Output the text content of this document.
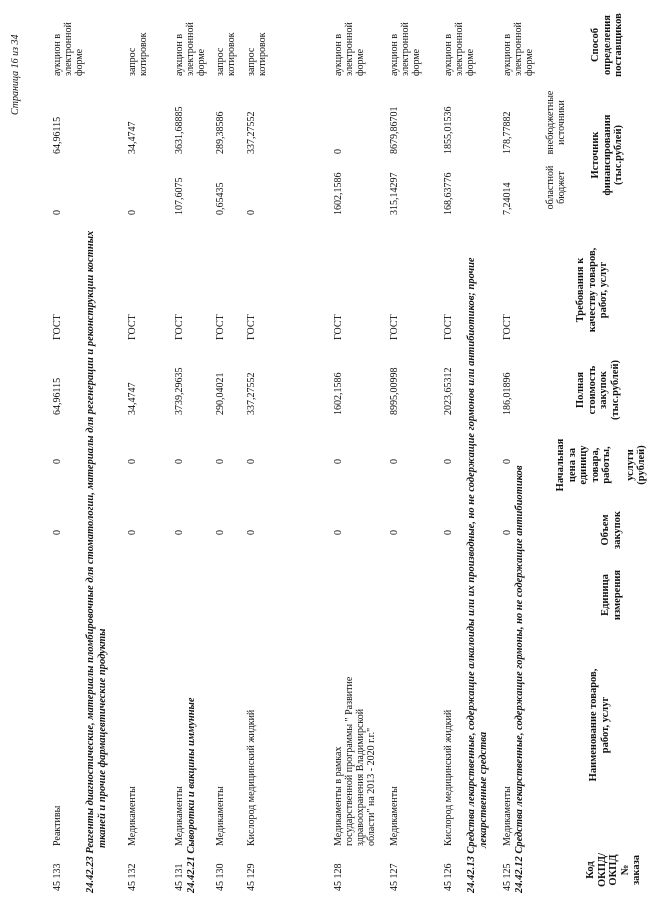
Код ОКПД/ ОКПД № заказа
Наименование товаров, работ, услуг
Единица измерения
Объем закупок
Начальная цена за единицу товара, работы, услуги (рублей)
Полная стоимость закупок (тыс.рублей)
Требования к качеству товаров, работ, услуг
Источник финансирования (тыс.рублей)
областной бюджет
внебюджетные источники
Способ определения поставщиков
24.42.12 Средства лекарственные, содержащие гормоны, но не содержащие антибиотиков
45 125
Медикаменты
0
0
186,01896
ГОСТ
7,24014
178,77882
аукцион в электронной форме
24.42.13 Средства лекарственные, содержащие алкалоиды или их производные, но не содержащие гормонов или антибиотиков; прочие лекарственные средства
45 126
Кислород медицинский жидкий
0
0
2023,65312
ГОСТ
168,63776
1855,01536
аукцион в электронной форме
45 127
Медикаменты
0
0
8995,00998
ГОСТ
315,14297
8679,86701
аукцион в электронной форме
45 128
Медикаменты в рамках государственной программы " Развитие здравоохранения Владимирской области" на 2013 - 2020 г.г."
0
0
1602,1586
ГОСТ
1602,1586
0
аукцион в электронной форме
45 129
Кислород медицинский жидкий
0
0
337,27552
ГОСТ
0
337,27552
запрос котировок
45 130
Медикаменты
0
0
290,04021
ГОСТ
0,65435
289,38586
запрос котировок
24.42.21 Сыворотки и вакцины иммунные
45 131
Медикаменты
0
0
3739,29635
ГОСТ
107,6075
3631,68885
аукцион в электронной форме
45 132
Медикаменты
0
0
34,4747
ГОСТ
0
34,4747
запрос котировок
24.42.23 Реагенты диагностические, материалы пломбировочные для стоматологии, материалы для регенерации и реконструкции костных тканей и прочие фармацевтические продукты
45 133
Реактивы
0
0
64,96115
ГОСТ
0
64,96115
аукцион в электронной форме
Страница 16 из 34
